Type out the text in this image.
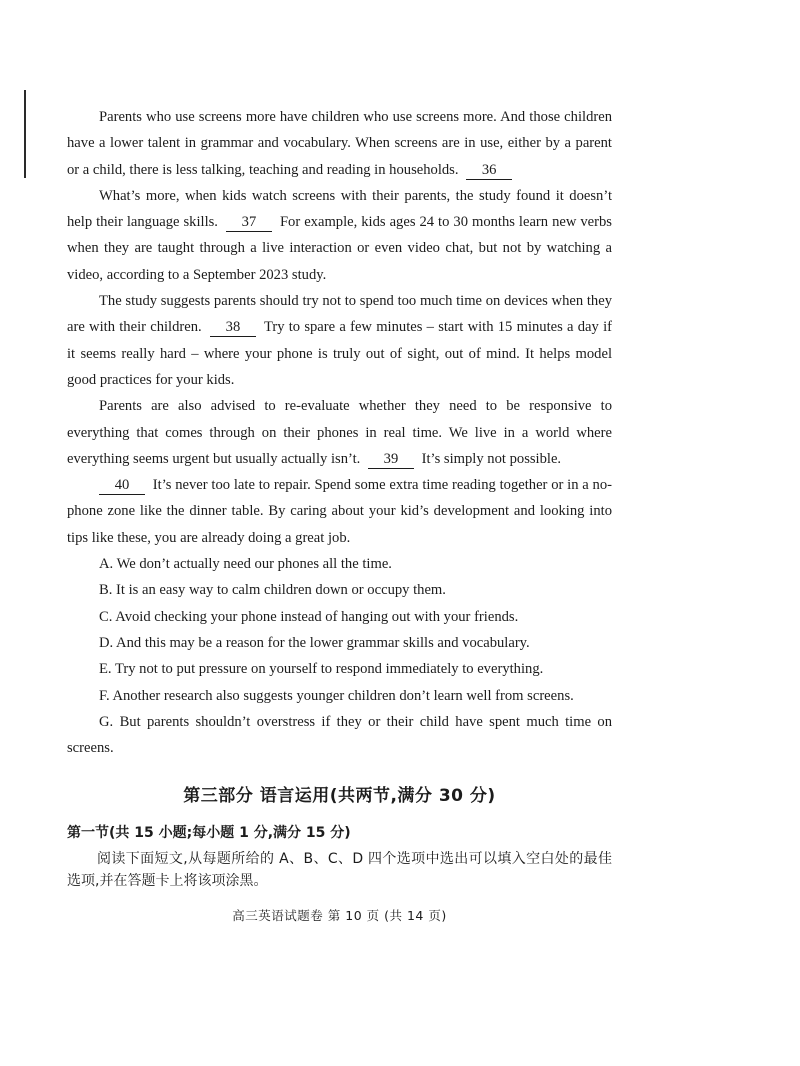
Parents who use screens more have children who use screens more. And those children have a lower talent in grammar and vocabulary. When screens are in use, either by a parent or a child, there is less talking, teaching and reading in households. 36

What’s more, when kids watch screens with their parents, the study found it doesn’t help their language skills. 37 For example, kids ages 24 to 30 months learn new verbs when they are taught through a live interaction or even video chat, but not by watching a video, according to a September 2023 study.

The study suggests parents should try not to spend too much time on devices when they are with their children. 38 Try to spare a few minutes – start with 15 minutes a day if it seems really hard – where your phone is truly out of sight, out of mind. It helps model good practices for your kids.

Parents are also advised to re-evaluate whether they need to be responsive to everything that comes through on their phones in real time. We live in a world where everything seems urgent but usually actually isn’t. 39 It’s simply not possible.

40 It’s never too late to repair. Spend some extra time reading together or in a no-phone zone like the dinner table. By caring about your kid’s development and looking into tips like these, you are already doing a great job.

A. We don’t actually need our phones all the time.
B. It is an easy way to calm children down or occupy them.
C. Avoid checking your phone instead of hanging out with your friends.
D. And this may be a reason for the lower grammar skills and vocabulary.
E. Try not to put pressure on yourself to respond immediately to everything.
F. Another research also suggests younger children don’t learn well from screens.
G. But parents shouldn’t overstress if they or their child have spent much time on screens.
第三部分 语言运用(共两节,满分 30 分)
第一节(共 15 小题;每小题 1 分,满分 15 分)

阅读下面短文,从每题所给的 A、B、C、D 四个选项中选出可以填入空白处的最佳选项,并在答题卡上将该项涂黑。

高三英语试题卷 第 10 页 (共 14 页)
